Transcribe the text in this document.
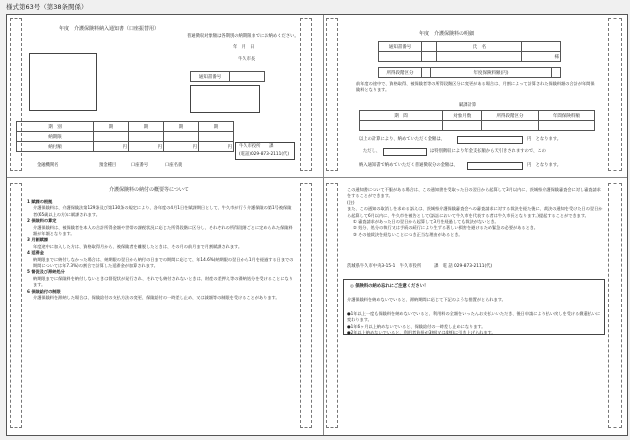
様式第63号（第38条関係）
年度　介護保険料納入通知書（口座振替用）
普通徴収対象額は各期別の納期限までにお納めください。
年　月　日
牛久市長
通知書番号	
期　別	期	期	期	期
納期限				
納付額	円	円	円	円 牛久市役所　　課
(電話)029-873-2111(代)
金融機関名	預金種目	口座番号	口座名義
年度　介護保険料の明細
通知書番号		氏　名	
			様
所得段階区分		年度保険料額(円)	
前年度の途中で、資格取得、被保険者等の所得段階区分に変更がある場合は、月割によって計算された保険料額の合計が年間保険料となります。
賦課計算
期　間	対象月数	所得段階区分	年間保険料額

以上の計算により、納めていただく金額は、	円　となります。
ただし、	は特別徴収により年金支払額から天引きされますので、この
納入通知書で納めていただく普通徴収分の金額は、	円　となります。
介護保険料の納付の概要等について
1 賦課の根拠
介護保険料は、介護保険法第129条及び第130条の規定により、各年度の4月1日を賦課期日として、牛久市が行う介護保険の第1号被保険者(65歳以上の方)に賦課されます。
2 保険料の算定
介護保険料は、被保険者を本人の合計所得金額や世帯の課税状況に応じた所得段階に区分し、それぞれの所得段階ごとに定められた保険料額が年額となります。
3 月割賦課
年度途中に加入した方は、資格取得月から、被保険者を離脱したときは、その月の前月まで月割賦課されます。
4 延滞金
納期限までに納付しなかった場合は、納期限の翌日から納付の日までの期間に応じて、年14.6%(納期限の翌日から1月を経過する日までの期間については年7.3%)の割合で計算した延滞金が加算されます。
5 督促及び滞納処分
納期限までに保険料を納付しないときは督促状が発行され、それでも納付されないときは、財産の差押え等の滞納処分を受けることになります。
6 保険給付の制限
介護保険料を滞納した場合は、保険給付の支払方法の変更、保険給付の一時差し止め、又は減額等の制限を受けることがあります。
この通知書について不服がある場合は、この通知書を受取った日の翌日から起算して3月以内に、茨城県介護保険審査会に対し審査請求をすることができます。
(注)
また、この通知の取消しを求める訴えは、茨城県介護保険審査会への審査請求に対する裁決を経た後に、裁決の通知を受けた日の翌日から起算して6月以内に、牛久市を被告として(訴訟において牛久市を代表する者は牛久市長となります。)提起することができます。
① 審査請求があった日の翌日から起算して3月を経過しても裁決がないとき。
② 処分、処分の執行又は手続の続行により生ずる著しい損害を避けるため緊急の必要があるとき。
③ その他裁決を経ないことにつき正当な理由があるとき。
茨城県牛久市中央3-15-1　牛久市役所　　　課　電 話 029-873-2111(代)
◎ 保険料の納め忘れにご注意ください！
介護保険料を納めないでいると、滞納期間に応じて下記のような措置がとられます。
●1年以上一度も保険料を納めないでいると、利用料の全額をいったんお支払いいただき、後日申請により払い戻しを受ける償還払いに変わります。
●1年6ヶ月以上納めないでいると、保険給付の一時差し止めになります。
●2年以上納めないでいると、利用者負担が3割(又は4割)に引き上げられます。
